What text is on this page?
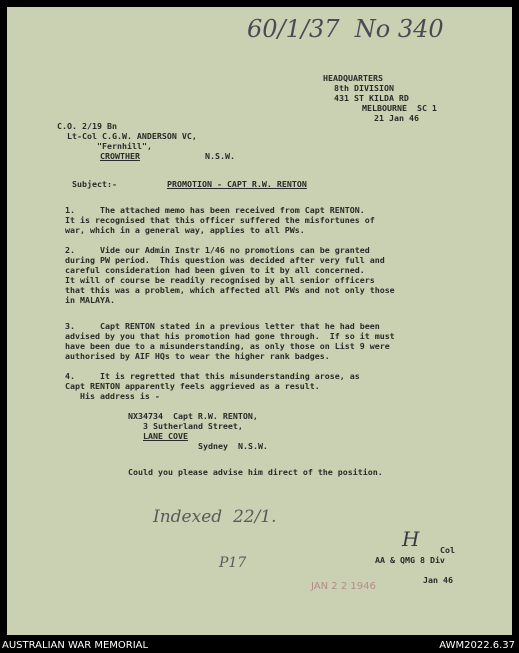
60/1/37  No 340
HEADQUARTERS
8th DIVISION
431 ST KILDA RD
MELBOURNE  SC 1
21 Jan 46
C.O. 2/19 Bn
Lt-Col C.G.W. ANDERSON VC,
"Fernhill",
CROWTHER	N.S.W.
Subject:-	PROMOTION - CAPT R.W. RENTON
1.     The attached memo has been received from Capt RENTON.
It is recognised that this officer suffered the misfortunes of
war, which in a general way, applies to all PWs.
2.     Vide our Admin Instr 1/46 no promotions can be granted
during PW period.  This question was decided after very full and
careful consideration had been given to it by all concerned.
It will of course be readily recognised by all senior officers
that this was a problem, which affected all PWs and not only those
in MALAYA.
3.     Capt RENTON stated in a previous letter that he had been
advised by you that his promotion had gone through.  If so it must
have been due to a misunderstanding, as only those on List 9 were
authorised by AIF HQs to wear the higher rank badges.
4.     It is regretted that this misunderstanding arose, as
Capt RENTON apparently feels aggrieved as a result.
His address is -
NX34734  Capt R.W. RENTON,
3 Sutherland Street,
LANE COVE
Sydney  N.S.W.
Could you please advise him direct of the position.
Indexed  22/1.
H Col
AA & QMG 8 Div
P17
Jan 46
JAN 2 2 1946
AUSTRALIAN WAR MEMORIAL	AWM2022.6.37
